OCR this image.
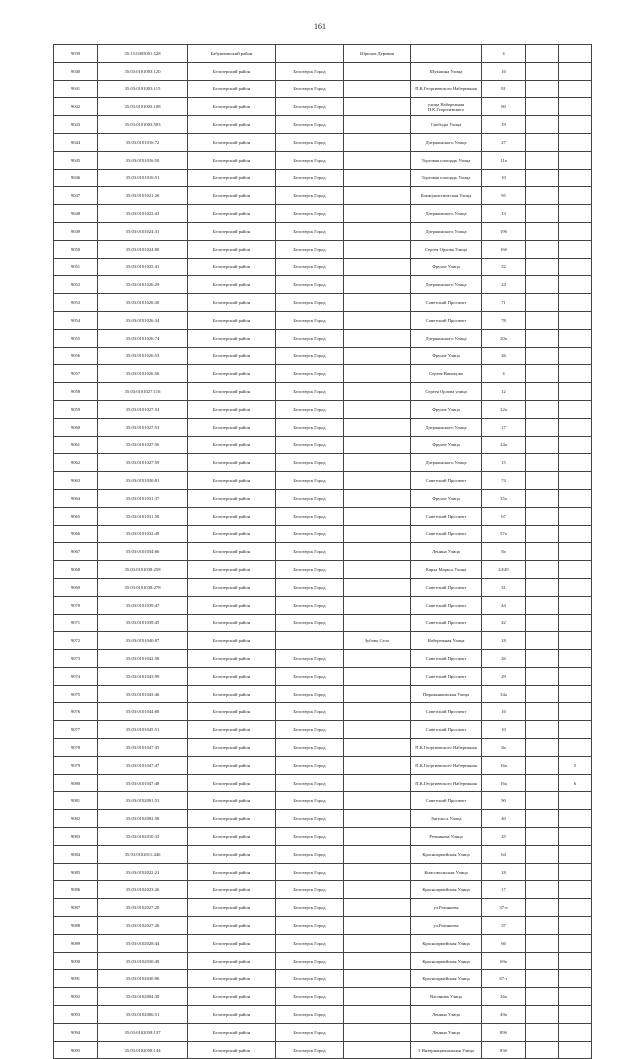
161
9039	35:15:0405001:528	Бабушкинский район		Юрилов Деревня		4		
9040	35:03:0101003:120	Белозерский район	Белозерск Город		Шукшина Улица	16		
9041	35:03:0101003:115	Белозерский район	Белозерск Город		П.К.Георгиевского Набережная	81		
9042	35:03:0101003:108	Белозерский район	Белозерск Город		улица Набережная П.К.Георгиевского	80		
9043	35:03:0101003:583	Белозерский район	Белозерск Город		Свободы Улица	19		
9044	35:03:0101016:72	Белозерский район	Белозерск Город		Дзержинского Улица	27		
9045	35:03:0101016:50	Белозерский район	Белозерск Город		Торговая площадь Улица	11а		
9046	35:03:0101016:51	Белозерский район	Белозерск Город		Торговая площадь Улица	10		
9047	35:03:0101021:26	Белозерский район	Белозерск Город		Коммунистическая Улица	95		
9048	35:03:0101023:43	Белозерский район	Белозерск Город		Дзержинского Улица	13		
9049	35:03:0101024:31	Белозерский район	Белозерск Город		Дзержинского Улица	19б		
9050	35:03:0101024:80	Белозерский район	Белозерск Город		Сергея Орлова Улица	16б		
9051	35:03:0101025:41	Белозерский район	Белозерск Город		Фрунзе Улица	32		
9052	35:03:0101026:29	Белозерский район	Белозерск Город		Дзержинского Улица	24		
9053	35:03:0101026:30	Белозерский район	Белозерск Город		Советский Проспект	71		
9054	35:03:0101026:34	Белозерский район	Белозерск Город		Советский Проспект	78		
9055	35:03:0101026:74	Белозерский район	Белозерск Город		Дзержинского Улица	20а		
9056	35:03:0101026:53	Белозерский район	Белозерск Город		Фрунзе Улица	26		
9057	35:03:0101026:56	Белозерский район	Белозерск Город		Сергея Виноцова	4		
9058	35:03:0101027:116	Белозерский район	Белозерск Город		Сергея Орлова улица	12		
9059	35:03:0101027:54	Белозерский район	Белозерск Город		Фрунзе Улица	22а		
9060	35:03:0101027:53	Белозерский район	Белозерск Город		Дзержинского Улица	17		
9061	35:03:0101027:56	Белозерский район	Белозерск Город		Фрунзе Улица	24а		
9062	35:03:0101027:59	Белозерский район	Белозерск Город		Дзержинского Улица	15		
9063	35:03:0101030:81	Белозерский район	Белозерск Город		Советский Проспект	74		
9064	35:03:0101031:37	Белозерский район	Белозерск Город		Фрунзе Улица	35а		
9065	35:03:0101031:58	Белозерский район	Белозерск Город		Советский Проспект	67		
9066	35:03:0101032:49	Белозерский район	Белозерск Город		Советский Проспект	57а		
9067	35:03:0101034:66	Белозерский район	Белозерск Город		Ленина Улица	8а		
9068	35:03:0101038:258	Белозерский район	Белозерск Город		Карла Маркса Улица	24/49		
9069	35:03:0101038:278	Белозерский район	Белозерск Город		Советский Проспект	31		
9070	35:03:0101039:47	Белозерский район	Белозерск Город		Советский Проспект	44		
9071	35:03:0101039:45	Белозерский район	Белозерск Город		Советский Проспект	42		
9072	35:03:0101040:87	Белозерский район		Зубово Село	Набережная Улица	18		
9073	35:03:0101042:58	Белозерский район	Белозерск Город		Советский Проспект	26		
9074	35:03:0101043:99	Белозерский район	Белозерск Город		Советский Проспект	29		
9075	35:03:0101043:46	Белозерский район	Белозерск Город		Пирожниковская Улица	34а		
9076	35:03:0101044:68	Белозерский район	Белозерск Город		Советский Проспект	16		
9077	35:03:0101045:51	Белозерский район	Белозерск Город		Советский Проспект	10		
9078	35:03:0101047:35	Белозерский район	Белозерск Город		П.К.Георгиевского Набережная	8а		
9079	35:03:0101047:47	Белозерский район	Белозерск Город		П.К.Георгиевского Набережная	16а		5
9080	35:03:0101047:48	Белозерский район	Белозерск Город		П.К.Георгиевского Набережная	16а		6
9081	35:03:0102001:53	Белозерский район	Белозерск Город		Советский Проспект	90		
9082	35:03:0102002:58	Белозерский район	Белозерск Город		Энгельса Улица	40		
9083	35:03:0102010:33	Белозерский район	Белозерск Город		Речникова Улица	25		
9084	35:03:0102011:446	Белозерский район	Белозерск Город		Красноармейская Улица	64		
9085	35:03:0102022:21	Белозерский район	Белозерск Город		Комсомольская Улица	18		
9086	35:03:0102023:26	Белозерский район	Белозерск Город		Красноармейская Улица	17		
9087	35:03:0102027:20	Белозерский район	Белозерск Город		ул.Разиньева	37-а		
9088	35:03:0102027:26	Белозерский район	Белозерск Город		ул.Разиньева	37		
9089	35:03:0102028:44	Белозерский район	Белозерск Город		Красноармейская Улица	66		
9090	35:03:0102030:49	Белозерский район	Белозерск Город		Красноармейская Улица	69а		
9091	35:03:0102030:96	Белозерский район	Белозерск Город		Красноармейская Улица	67-г		
9092	35:03:0102004:39	Белозерский район	Белозерск Город		Васинова Улица	26а		
9093	35:03:0102006:51	Белозерский район	Белозерск Город		Ленина Улица	49а		
9094	35:03:0102058:137	Белозерский район	Белозерск Город		Ленина Улица	89б		
9095	35:03:0102058:144	Белозерский район	Белозерск Город		3 Интернациональная Улица	83б		
